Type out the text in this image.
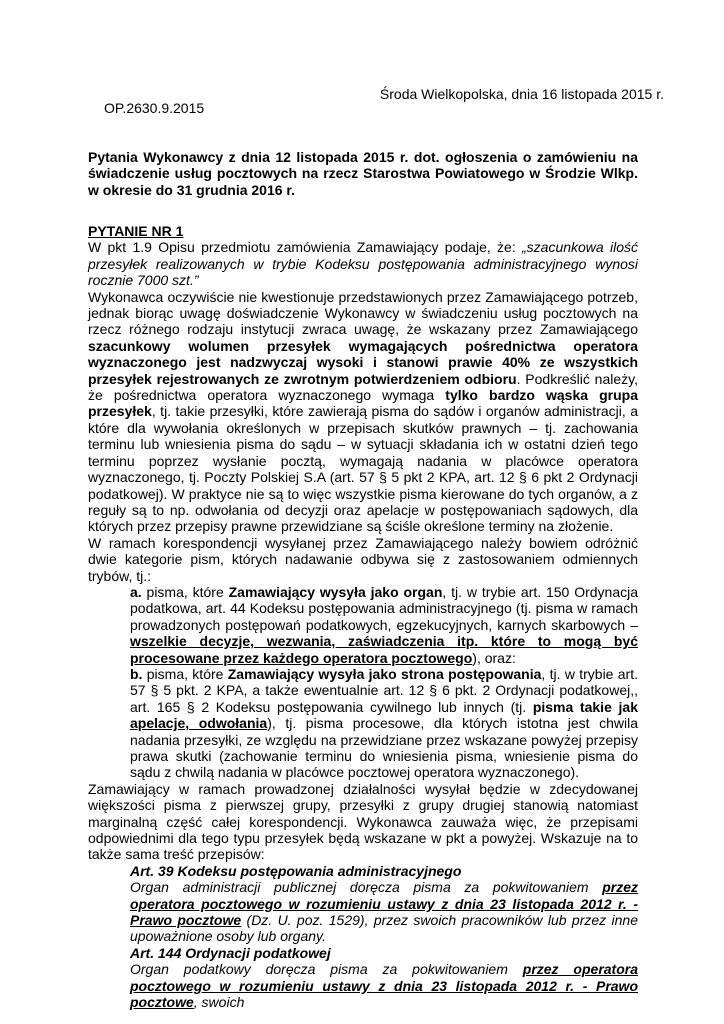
Środa Wielkopolska, dnia 16 listopada 2015 r.
OP.2630.9.2015
Pytania Wykonawcy z dnia 12 listopada 2015 r. dot. ogłoszenia o zamówieniu na świadczenie usług pocztowych na rzecz Starostwa Powiatowego w Środzie Wlkp. w okresie do 31 grudnia 2016 r.

PYTANIE NR 1

W pkt 1.9 Opisu przedmiotu zamówienia Zamawiający podaje, że: „szacunkowa ilość przesyłek realizowanych w trybie Kodeksu postępowania administracyjnego wynosi rocznie 7000 szt.”

Wykonawca oczywiście nie kwestionuje przedstawionych przez Zamawiającego potrzeb, jednak biorąc uwagę doświadczenie Wykonawcy w świadczeniu usług pocztowych na rzecz różnego rodzaju instytucji zwraca uwagę, że wskazany przez Zamawiającego szacunkowy wolumen przesyłek wymagających pośrednictwa operatora wyznaczonego jest nadzwyczaj wysoki i stanowi prawie 40% ze wszystkich przesyłek rejestrowanych ze zwrotnym potwierdzeniem odbioru. Podkreślić należy, że pośrednictwa operatora wyznaczonego wymaga tylko bardzo wąska grupa przesyłek, tj. takie przesyłki, które zawierają pisma do sądów i organów administracji, a które dla wywołania określonych w przepisach skutków prawnych – tj. zachowania terminu lub wniesienia pisma do sądu – w sytuacji składania ich w ostatni dzień tego terminu poprzez wysłanie pocztą, wymagają nadania w placówce operatora wyznaczonego, tj. Poczty Polskiej S.A (art. 57 § 5 pkt 2 KPA, art. 12 § 6 pkt 2 Ordynacji podatkowej). W praktyce nie są to więc wszystkie pisma kierowane do tych organów, a z reguły są to np. odwołania od decyzji oraz apelacje w postępowaniach sądowych, dla których przez przepisy prawne przewidziane są ściśle określone terminy na złożenie.

W ramach korespondencji wysyłanej przez Zamawiającego należy bowiem odróżnić dwie kategorie pism, których nadawanie odbywa się z zastosowaniem odmiennych trybów, tj.:

a. pisma, które Zamawiający wysyła jako organ, tj. w trybie art. 150 Ordynacja podatkowa, art. 44 Kodeksu postępowania administracyjnego (tj. pisma w ramach prowadzonych postępowań podatkowych, egzekucyjnych, karnych skarbowych – wszelkie decyzje, wezwania, zaświadczenia itp. które to mogą być procesowane przez każdego operatora pocztowego), oraz:

b. pisma, które Zamawiający wysyła jako strona postępowania, tj. w trybie art. 57 § 5 pkt. 2 KPA, a także ewentualnie art. 12 § 6 pkt. 2 Ordynacji podatkowej,, art. 165 § 2 Kodeksu postępowania cywilnego lub innych (tj. pisma takie jak apelacje, odwołania), tj. pisma procesowe, dla których istotna jest chwila nadania przesyłki, ze względu na przewidziane przez wskazane powyżej przepisy prawa skutki (zachowanie terminu do wniesienia pisma, wniesienie pisma do sądu z chwilą nadania w placówce pocztowej operatora wyznaczonego).

Zamawiający w ramach prowadzonej działalności wysyłał będzie w zdecydowanej większości pisma z pierwszej grupy, przesyłki z grupy drugiej stanowią natomiast marginalną część całej korespondencji. Wykonawca zauważa więc, że przepisami odpowiednimi dla tego typu przesyłek będą wskazane w pkt a powyżej. Wskazuje na to także sama treść przepisów:

Art. 39 Kodeksu postępowania administracyjnego

Organ administracji publicznej doręcza pisma za pokwitowaniem przez operatora pocztowego w rozumieniu ustawy z dnia 23 listopada 2012 r. - Prawo pocztowe (Dz. U. poz. 1529), przez swoich pracowników lub przez inne upoważnione osoby lub organy.

Art. 144 Ordynacji podatkowej

Organ podatkowy doręcza pisma za pokwitowaniem przez operatora pocztowego w rozumieniu ustawy z dnia 23 listopada 2012 r. - Prawo pocztowe, swoich
